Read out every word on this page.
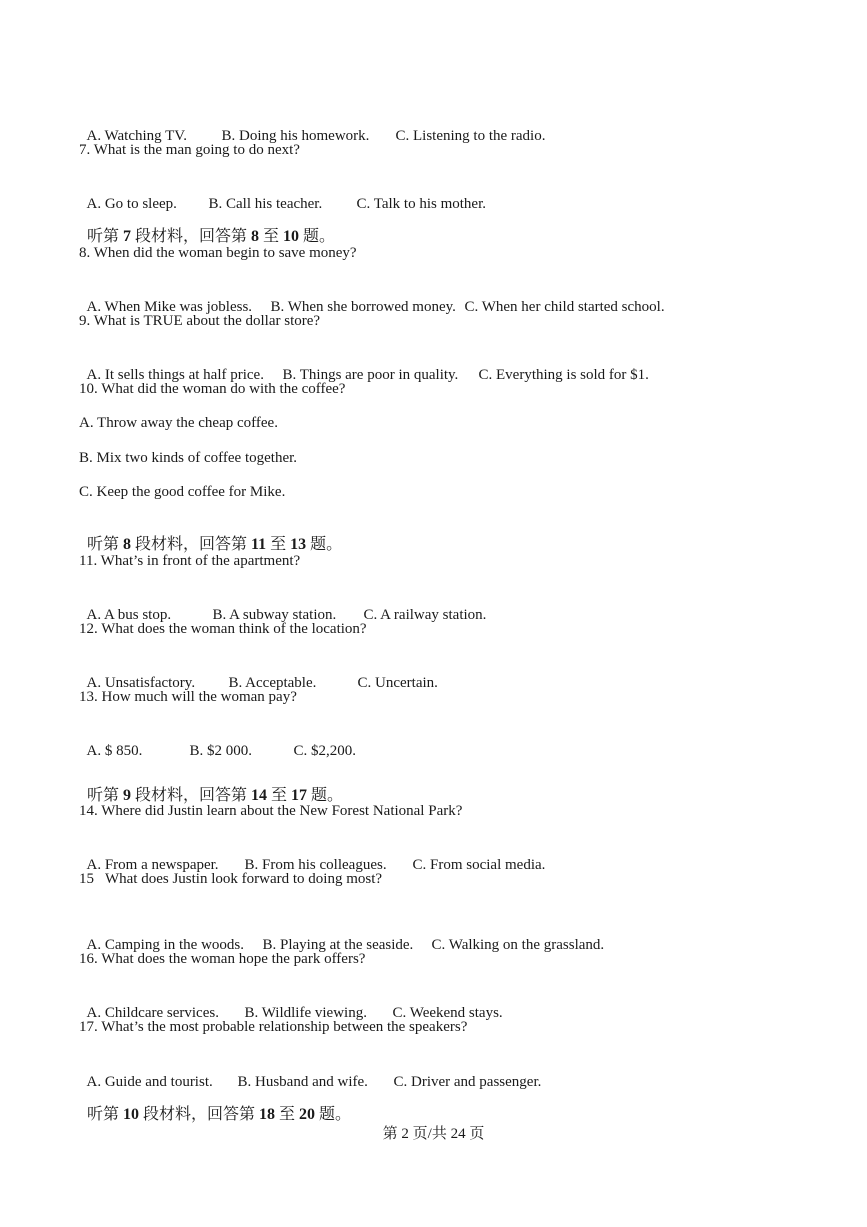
A. Watching TV. B. Doing his homework. C. Listening to the radio.

7. What is the man going to do next?

A. Go to sleep. B. Call his teacher. C. Talk to his mother.

听第 7 段材料，回答第 8 至 10 题。

8. When did the woman begin to save money?

A. When Mike was jobless. B. When she borrowed money. C. When her child started school.

9. What is TRUE about the dollar store?

A. It sells things at half price. B. Things are poor in quality. C. Everything is sold for $1.

10. What did the woman do with the coffee?
A. Throw away the cheap coffee.
B. Mix two kinds of coffee together.
C. Keep the good coffee for Mike.

听第 8 段材料，回答第 11 至 13 题。

11. What’s in front of the apartment?

A. A bus stop.	B. A subway station. C. A railway station.

12. What does the woman think of the location?

A. Unsatisfactory. B. Acceptable.	C. Uncertain.

13. How much will the woman pay?

A. $ 850.	B. $2 000.	C. $2,200.

听第 9 段材料，回答第 14 至 17 题。

14. Where did Justin learn about the New Forest National Park?

A. From a newspaper. B. From his colleagues. C. From social media.

15   What does Justin look forward to doing most?

A. Camping in the woods. B. Playing at the seaside. C. Walking on the grassland.

16. What does the woman hope the park offers?

A. Childcare services. B. Wildlife viewing. C. Weekend stays.

17. What’s the most probable relationship between the speakers?

A. Guide and tourist. B. Husband and wife. C. Driver and passenger.

听第 10 段材料，回答第 18 至 20 题。

第 2 页/共 24 页
